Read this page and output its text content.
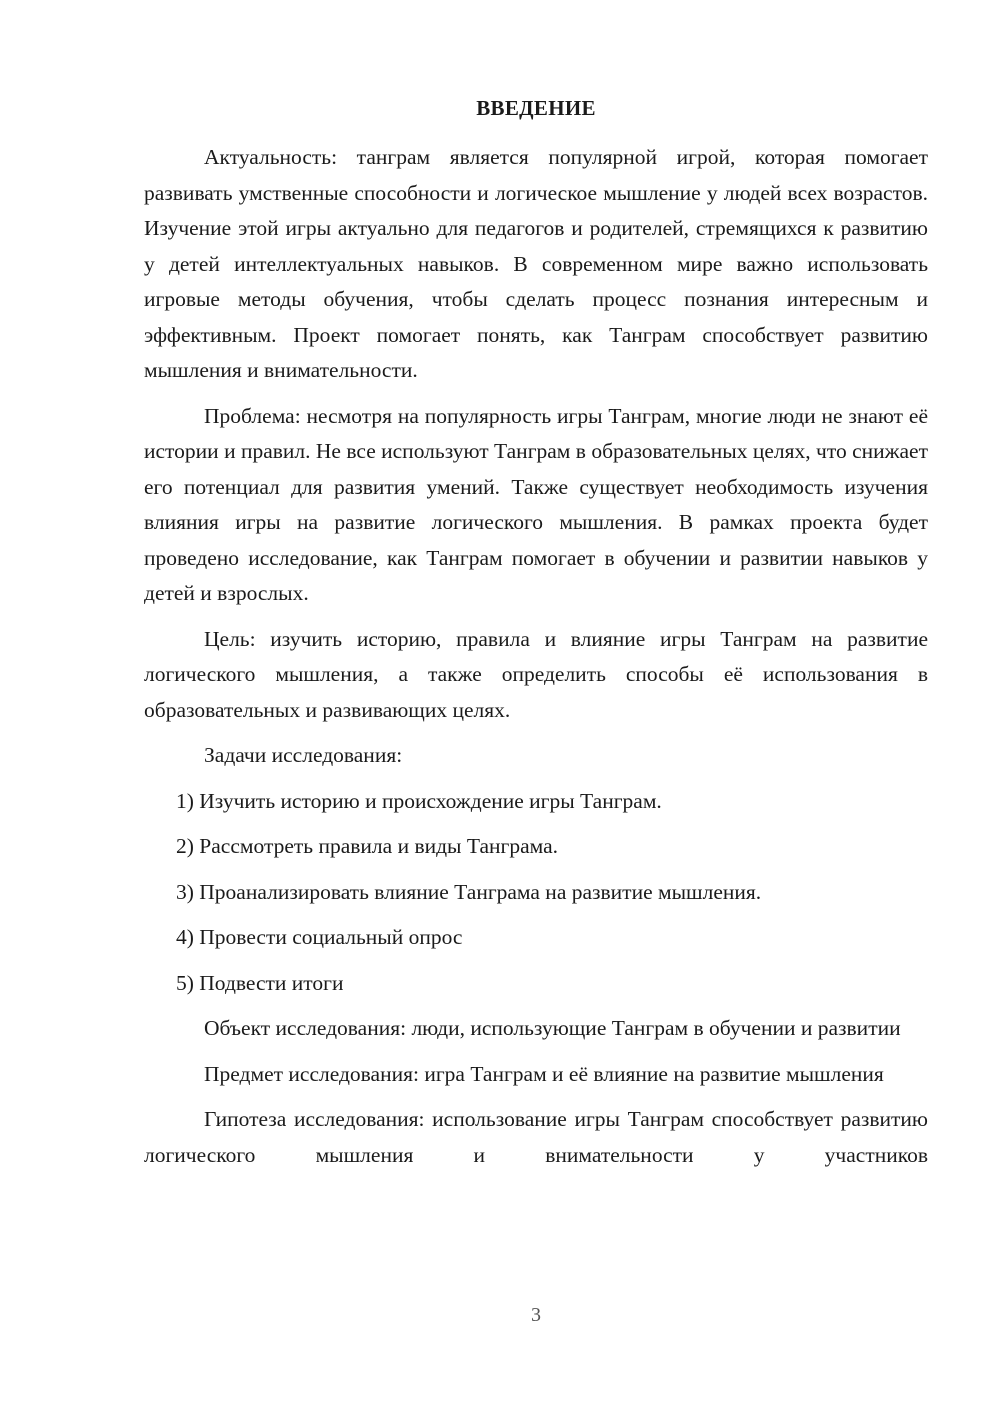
ВВЕДЕНИЕ

Актуальность: танграм является популярной игрой, которая помогает развивать умственные способности и логическое мышление у людей всех возрастов. Изучение этой игры актуально для педагогов и родителей, стремящихся к развитию у детей интеллектуальных навыков. В современном мире важно использовать игровые методы обучения, чтобы сделать процесс познания интересным и эффективным. Проект помогает понять, как Танграм способствует развитию мышления и внимательности.

Проблема: несмотря на популярность игры Танграм, многие люди не знают её истории и правил. Не все используют Танграм в образовательных целях, что снижает его потенциал для развития умений. Также существует необходимость изучения влияния игры на развитие логического мышления. В рамках проекта будет проведено исследование, как Танграм помогает в обучении и развитии навыков у детей и взрослых.

Цель: изучить историю, правила и влияние игры Танграм на развитие логического мышления, а также определить способы её использования в образовательных и развивающих целях.

Задачи исследования:

1) Изучить историю и происхождение игры Танграм.

2) Рассмотреть правила и виды Танграма.

3) Проанализировать влияние Танграма на развитие мышления.

4) Провести социальный опрос

5) Подвести итоги

Объект исследования: люди, использующие Танграм в обучении и развитии

Предмет исследования: игра Танграм и её влияние на развитие мышления

Гипотеза исследования: использование игры Танграм способствует развитию логического мышления и внимательности у участников

3
